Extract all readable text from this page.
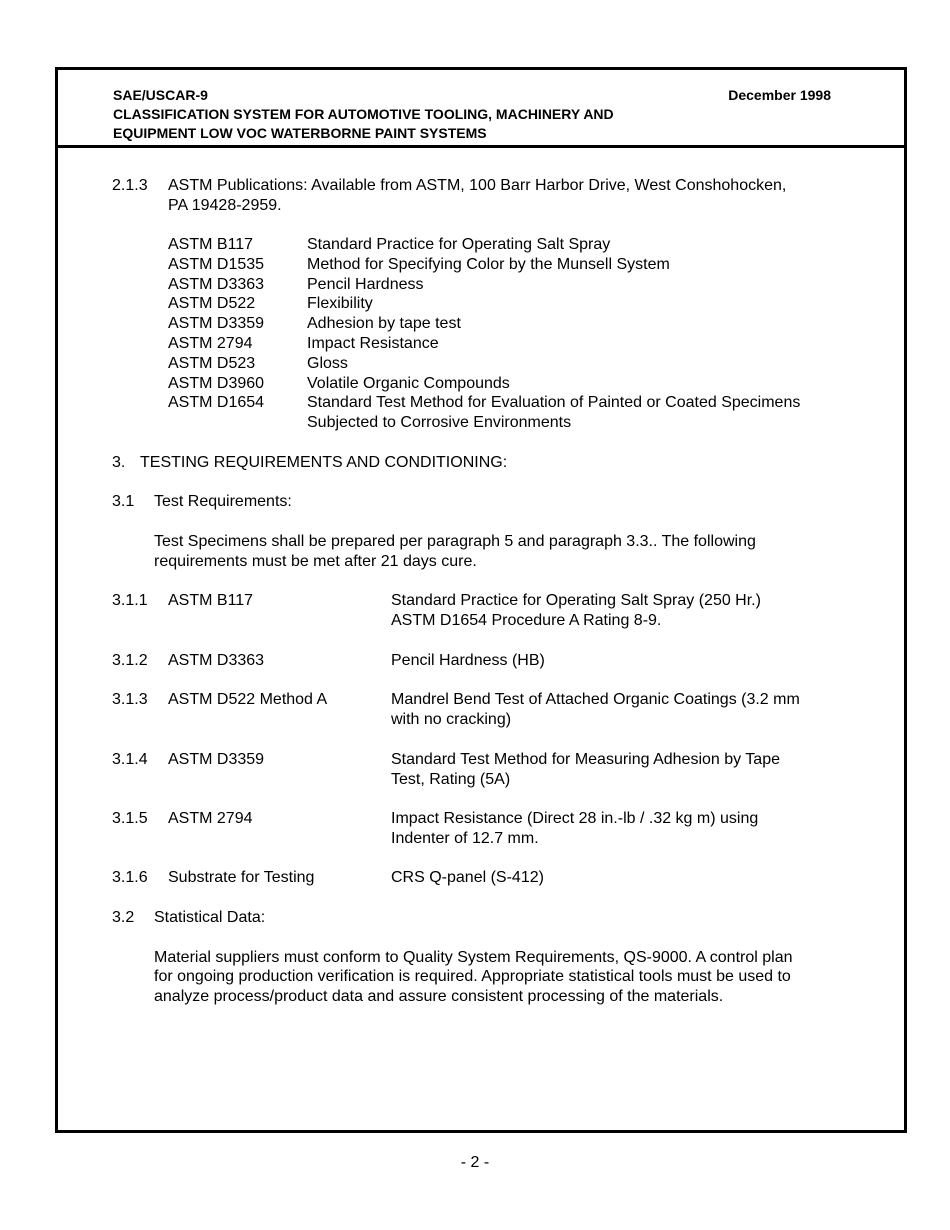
SAE/USCAR-9	December 1998
CLASSIFICATION SYSTEM FOR AUTOMOTIVE TOOLING, MACHINERY AND
EQUIPMENT LOW VOC WATERBORNE PAINT SYSTEMS
2.1.3 ASTM Publications: Available from ASTM, 100 Barr Harbor Drive, West Conshohocken,
PA 19428-2959.
ASTM B117	Standard Practice for Operating Salt Spray
ASTM D1535	Method for Specifying Color by the Munsell System
ASTM D3363	Pencil Hardness
ASTM D522	Flexibility
ASTM D3359	Adhesion by tape test
ASTM 2794	Impact Resistance
ASTM D523	Gloss
ASTM D3960	Volatile Organic Compounds
ASTM D1654	Standard Test Method for Evaluation of Painted or Coated Specimens
Subjected to Corrosive Environments
3. TESTING REQUIREMENTS AND CONDITIONING:
3.1 Test Requirements:
Test Specimens shall be prepared per paragraph 5 and paragraph 3.3.. The following
requirements must be met after 21 days cure.
3.1.1 ASTM B117	Standard Practice for Operating Salt Spray (250 Hr.)
ASTM D1654 Procedure A Rating 8-9.
3.1.2 ASTM D3363	Pencil Hardness (HB)
3.1.3 ASTM D522 Method A	Mandrel Bend Test of Attached Organic Coatings (3.2 mm
with no cracking)
3.1.4 ASTM D3359	Standard Test Method for Measuring Adhesion by Tape
Test, Rating (5A)
3.1.5 ASTM 2794	Impact Resistance (Direct 28 in.-lb / .32 kg m) using
Indenter of 12.7 mm.
3.1.6 Substrate for Testing	CRS Q-panel (S-412)
3.2 Statistical Data:
Material suppliers must conform to Quality System Requirements, QS-9000. A control plan
for ongoing production verification is required. Appropriate statistical tools must be used to
analyze process/product data and assure consistent processing of the materials.
- 2 -
